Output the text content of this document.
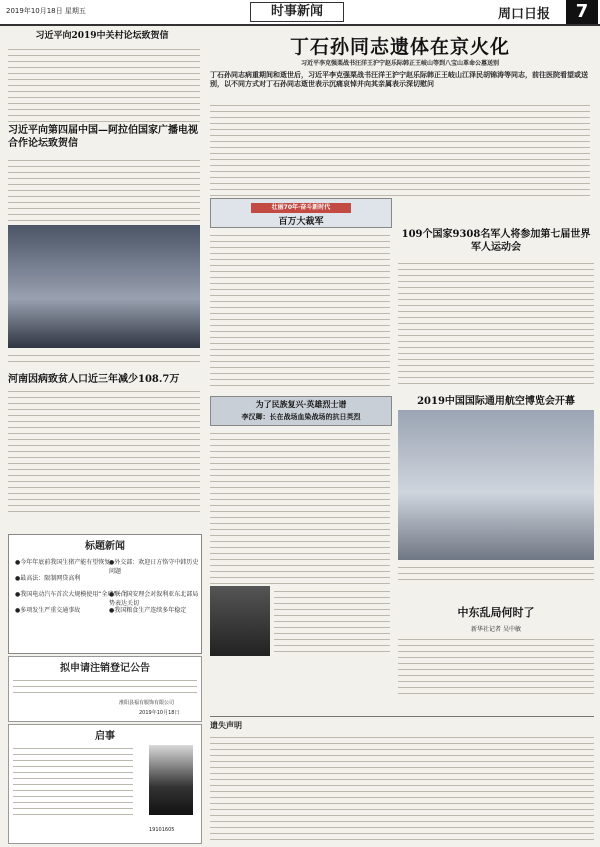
2019年10月18日 星期五	时事新闻	周口日报	7
习近平向2019中关村论坛致贺信
习近平向第四届中国—阿拉伯国家广播电视合作论坛致贺信
河南因病致贫人口近三年减少108.7万
标题新闻
●今年年底前我国生猪产能有望恢复
●外交部：欢迎日方恪守中韩历史问题
●最高法：限制网贷高利
●我国电动汽车首次大规模使用“全球”一号
●联合国安理会对叙利亚东北部局势表达关切
●多项发生严重交通事故	●我国粮食生产连续多年稳定
拟申请注销登记公告
淮阳县福有服饰有限公司
2019年10月18日
启事
19101605
丁石孙同志遗体在京火化
习近平李克强栗战书汪洋王沪宁赵乐际韩正王岐山等到八宝山革命公墓送别
丁石孙同志病重期间和逝世后，习近平李克强栗战书汪洋王沪宁赵乐际韩正王岐山江泽民胡锦涛等同志，前往医院看望或送别，以不同方式对丁石孙同志逝世表示沉痛哀悼并向其亲属表示深切慰问
壮丽70年·奋斗新时代
百万大裁军
为了民族复兴·英雄烈士谱
李汉卿：长在战场血染战场的抗日英烈
109个国家9308名军人将参加第七届世界军人运动会
2019中国国际通用航空博览会开幕
中东乱局何时了
新华社记者 吴中敏
遗失声明
